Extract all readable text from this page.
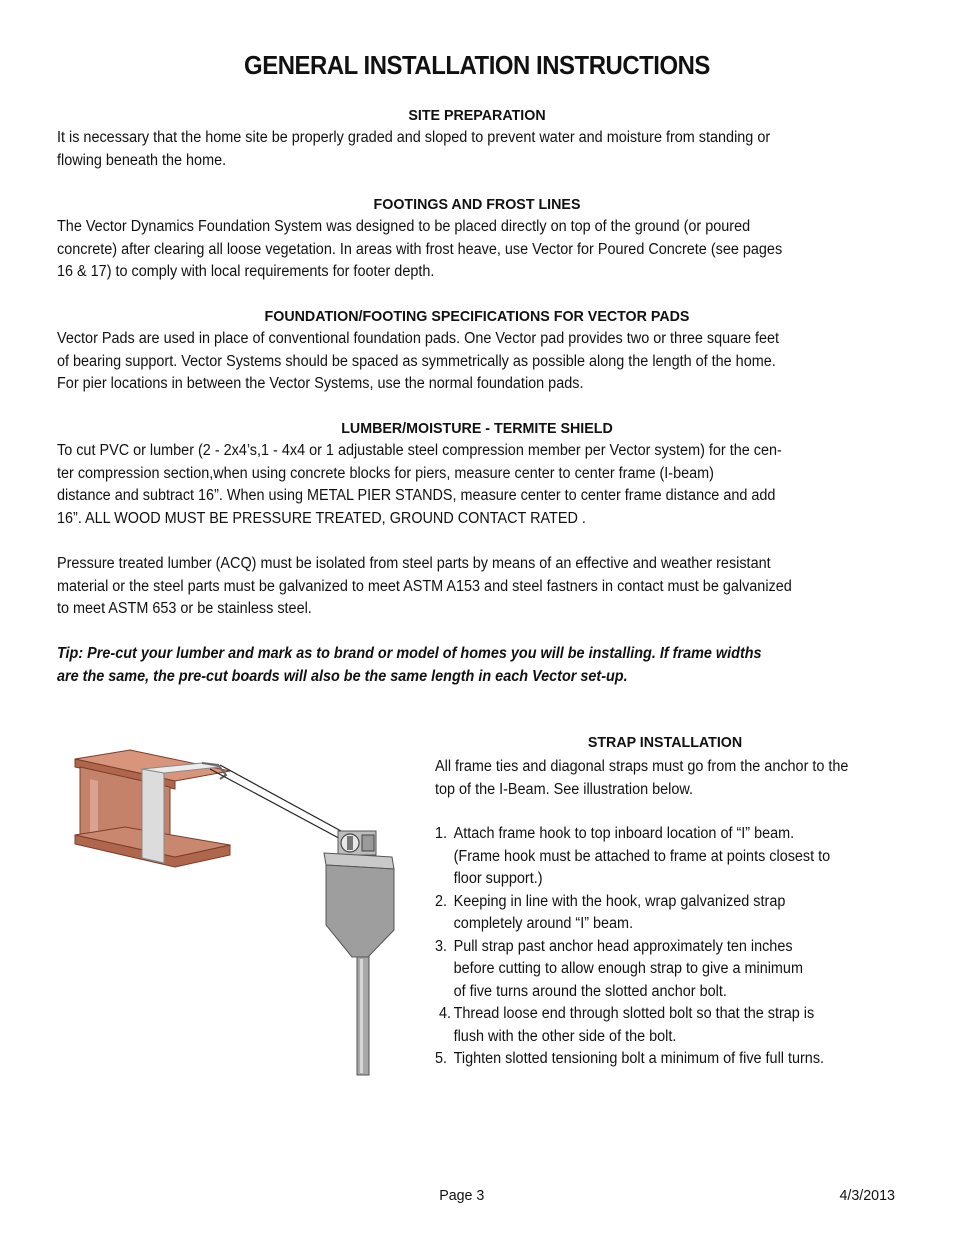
GENERAL INSTALLATION INSTRUCTIONS
SITE PREPARATION

It is necessary that the home site be properly graded and sloped to prevent water and moisture from standing or
flowing beneath the home.

FOOTINGS AND FROST LINES

The Vector Dynamics Foundation System was designed to be placed directly on top of the ground (or poured
concrete) after clearing all loose vegetation. In areas with frost heave, use Vector for Poured Concrete (see pages
16 & 17) to comply with local requirements for footer depth.

FOUNDATION/FOOTING SPECIFICATIONS FOR VECTOR PADS

Vector Pads are used in place of conventional foundation pads. One Vector pad provides two or three square feet
of bearing support. Vector Systems should be spaced as symmetrically as possible along the length of the home.
For pier locations in between the Vector Systems, use the normal foundation pads.

LUMBER/MOISTURE - TERMITE SHIELD

To cut PVC or lumber (2 - 2x4’s,1 - 4x4 or 1 adjustable steel compression member per Vector system) for the cen-
ter compression section,when using concrete blocks for piers, measure center to center frame (I-beam)
distance and subtract 16”. When using METAL PIER STANDS, measure center to center frame distance and add
16”. ALL WOOD MUST BE PRESSURE TREATED, GROUND CONTACT RATED .

Pressure treated lumber (ACQ) must be isolated from steel parts by means of an effective and weather resistant
material or the steel parts must be galvanized to meet ASTM A153 and steel fastners in contact must be galvanized
to meet ASTM 653 or be stainless steel.

Tip: Pre-cut your lumber and mark as to brand or model of homes you will be installing. If frame widths
are the same, the pre-cut boards will also be the same length in each Vector set-up.

STRAP INSTALLATION

All frame ties and diagonal straps must go from the anchor to the top of the I-Beam. See illustration below.

1. Attach frame hook to top inboard location of “I” beam.
(Frame hook must be attached to frame at points closest to
floor support.)
2. Keeping in line with the hook, wrap galvanized strap
completely around “I” beam.
3. Pull strap past anchor head approximately ten inches
before cutting to allow enough strap to give a minimum
of five turns around the slotted anchor bolt.
4. Thread loose end through slotted bolt so that the strap is
flush with the other side of the bolt.
5. Tighten slotted tensioning bolt a minimum of five full turns.
Page 3	4/3/2013
